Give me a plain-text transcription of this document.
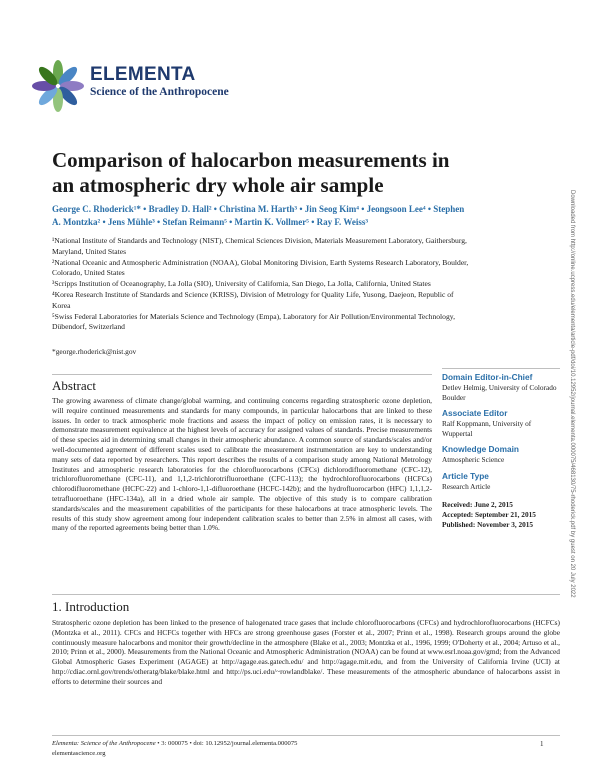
ELEMENTA
Science of the Anthropocene
Downloaded from http://online.ucpress.edu/elementa/article-pdf/doi/10.12952/journal.elementa.000075/468130/75-rhoderick.pdf by guest on 20 July 2022
Comparison of halocarbon measurements in an atmospheric dry whole air sample
George C. Rhoderick¹* • Bradley D. Hall² • Christina M. Harth³ • Jin Seog Kim⁴ • Jeongsoon Lee⁴ • Stephen A. Montzka² • Jens Mühle³ • Stefan Reimann⁵ • Martin K. Vollmer⁵ • Ray F. Weiss³

¹National Institute of Standards and Technology (NIST), Chemical Sciences Division, Materials Measurement Laboratory, Gaithersburg, Maryland, United States

²National Oceanic and Atmospheric Administration (NOAA), Global Monitoring Division, Earth Systems Research Laboratory, Boulder, Colorado, United States

³Scripps Institution of Oceanography, La Jolla (SIO), University of California, San Diego, La Jolla, California, United States

⁴Korea Research Institute of Standards and Science (KRISS), Division of Metrology for Quality Life, Yusong, Daejeon, Republic of Korea

⁵Swiss Federal Laboratories for Materials Science and Technology (Empa), Laboratory for Air Pollution/Environmental Technology, Dübendorf, Switzerland

*george.rhoderick@nist.gov
Domain Editor-in-Chief
Detlev Helmig, University of Colorado Boulder
Associate Editor
Ralf Koppmann, University of Wuppertal
Knowledge Domain
Atmospheric Science
Article Type
Research Article
Received: June 2, 2015
Accepted: September 21, 2015
Published: November 3, 2015
Abstract
The growing awareness of climate change/global warming, and continuing concerns regarding stratospheric ozone depletion, will require continued measurements and standards for many compounds, in particular halocarbons that are linked to these issues. In order to track atmospheric mole fractions and assess the impact of policy on emission rates, it is necessary to demonstrate measurement equivalence at the highest levels of accuracy for assigned values of standards. Precise measurements of these species aid in determining small changes in their atmospheric abundance. A common source of standards/scales and/or well-documented agreement of different scales used to calibrate the measurement instrumentation are key to understanding many sets of data reported by researchers. This report describes the results of a comparison study among National Metrology Institutes and atmospheric research laboratories for the chlorofluorocarbons (CFCs) dichlorodifluoromethane (CFC-12), trichlorofluoromethane (CFC-11), and 1,1,2-trichlorotrifluoroethane (CFC-113); the hydrochlorofluorocarbons (HCFCs) chlorodifluoromethane (HCFC-22) and 1-chloro-1,1-difluoroethane (HCFC-142b); and the hydrofluorocarbon (HFC) 1,1,1,2-tetrafluoroethane (HFC-134a), all in a dried whole air sample. The objective of this study is to compare calibration standards/scales and the measurement capabilities of the participants for these halocarbons at trace atmospheric levels. The results of this study show agreement among four independent calibration scales to better than 2.5% in almost all cases, with many of the reported agreements being better than 1.0%.
1. Introduction
Stratospheric ozone depletion has been linked to the presence of halogenated trace gases that include chlorofluorocarbons (CFCs) and hydrochlorofluorocarbons (HCFCs) (Montzka et al., 2011). CFCs and HCFCs together with HFCs are strong greenhouse gases (Forster et al., 2007; Prinn et al., 1998). Research groups around the globe continuously measure halocarbons and monitor their growth/decline in the atmosphere (Blake et al., 2003; Montzka et al., 1996, 1999; O'Doherty et al., 2004; Artuso et al., 2010; Prinn et al., 2000). Measurements from the National Oceanic and Atmospheric Administration (NOAA) can be found at www.esrl.noaa.gov/gmd; from the Advanced Global Atmospheric Gases Experiment (AGAGE) at http://agage.eas.gatech.edu/ and http://agage.mit.edu, and from the University of California Irvine (UCI) at http://cdiac.ornl.gov/trends/otheratg/blake/blake.html and http://ps.uci.edu/~rowlandblake/. These measurements of the atmospheric abundance of halocarbons assist in efforts to determine their sources and
Elementa: Science of the Anthropocene • 3: 000075 • doi: 10.12952/journal.elementa.000075
elementascience.org
1
